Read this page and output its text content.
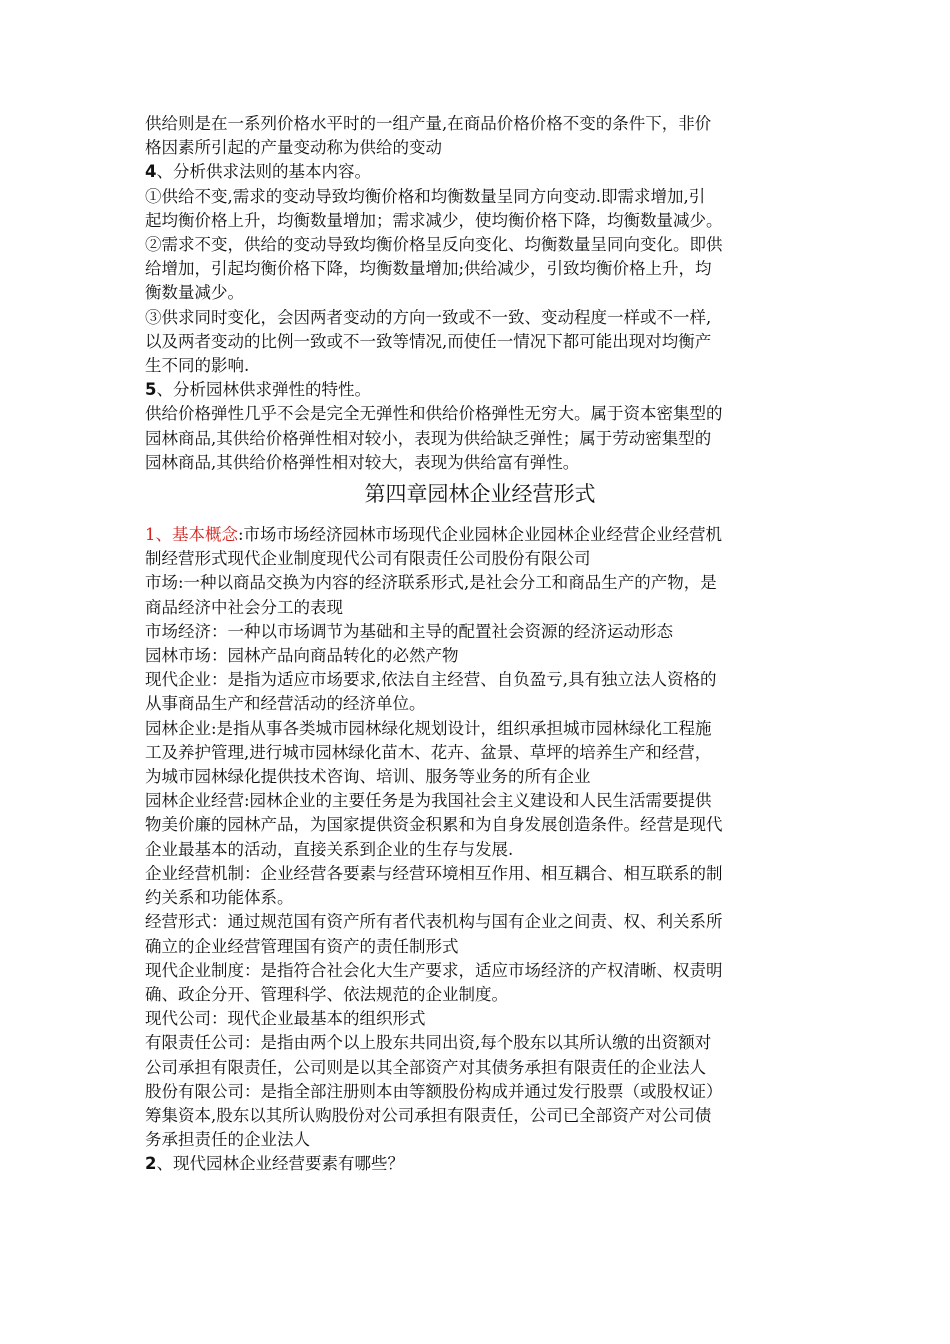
供给则是在一系列价格水平时的一组产量,在商品价格价格不变的条件下，非价
格因素所引起的产量变动称为供给的变动
4、分析供求法则的基本内容。
①供给不变,需求的变动导致均衡价格和均衡数量呈同方向变动.即需求增加,引
起均衡价格上升，均衡数量增加；需求减少，使均衡价格下降，均衡数量减少。
②需求不变，供给的变动导致均衡价格呈反向变化、均衡数量呈同向变化。即供
给增加，引起均衡价格下降，均衡数量增加;供给减少，引致均衡价格上升，均
衡数量减少。
③供求同时变化，会因两者变动的方向一致或不一致、变动程度一样或不一样,
以及两者变动的比例一致或不一致等情况,而使任一情况下都可能出现对均衡产
生不同的影响.
5、分析园林供求弹性的特性。
供给价格弹性几乎不会是完全无弹性和供给价格弹性无穷大。属于资本密集型的
园林商品,其供给价格弹性相对较小，表现为供给缺乏弹性；属于劳动密集型的
园林商品,其供给价格弹性相对较大，表现为供给富有弹性。
第四章园林企业经营形式
1、基本概念:市场市场经济园林市场现代企业园林企业园林企业经营企业经营机
制经营形式现代企业制度现代公司有限责任公司股份有限公司
市场:一种以商品交换为内容的经济联系形式,是社会分工和商品生产的产物，是
商品经济中社会分工的表现
市场经济：一种以市场调节为基础和主导的配置社会资源的经济运动形态
园林市场：园林产品向商品转化的必然产物
现代企业：是指为适应市场要求,依法自主经营、自负盈亏,具有独立法人资格的
从事商品生产和经营活动的经济单位。
园林企业:是指从事各类城市园林绿化规划设计，组织承担城市园林绿化工程施
工及养护管理,进行城市园林绿化苗木、花卉、盆景、草坪的培养生产和经营，
为城市园林绿化提供技术咨询、培训、服务等业务的所有企业
园林企业经营:园林企业的主要任务是为我国社会主义建设和人民生活需要提供
物美价廉的园林产品，为国家提供资金积累和为自身发展创造条件。经营是现代
企业最基本的活动，直接关系到企业的生存与发展.
企业经营机制：企业经营各要素与经营环境相互作用、相互耦合、相互联系的制
约关系和功能体系。
经营形式：通过规范国有资产所有者代表机构与国有企业之间责、权、利关系所
确立的企业经营管理国有资产的责任制形式
现代企业制度：是指符合社会化大生产要求，适应市场经济的产权清晰、权责明
确、政企分开、管理科学、依法规范的企业制度。
现代公司：现代企业最基本的组织形式
有限责任公司：是指由两个以上股东共同出资,每个股东以其所认缴的出资额对
公司承担有限责任，公司则是以其全部资产对其债务承担有限责任的企业法人
股份有限公司：是指全部注册则本由等额股份构成并通过发行股票（或股权证）
筹集资本,股东以其所认购股份对公司承担有限责任，公司已全部资产对公司债
务承担责任的企业法人
2、现代园林企业经营要素有哪些？
